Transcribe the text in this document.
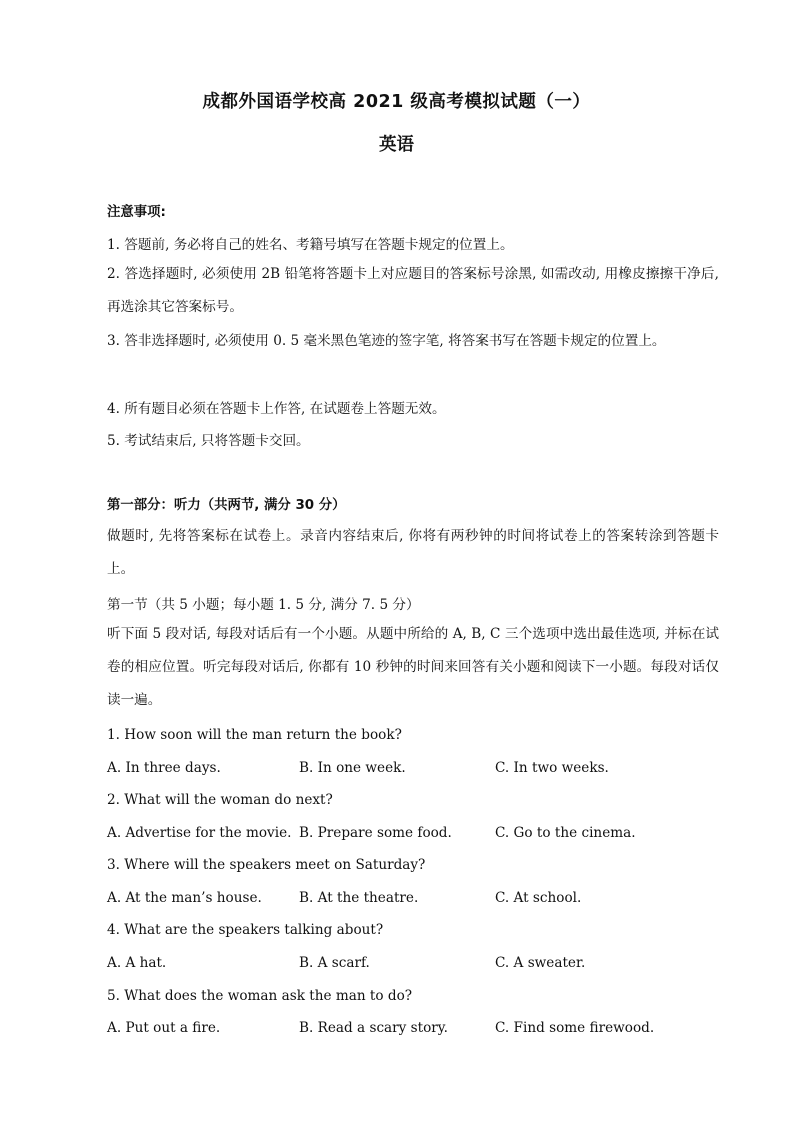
成都外国语学校高 2021 级高考模拟试题（一）
英语
注意事项:
1. 答题前, 务必将自己的姓名、考籍号填写在答题卡规定的位置上。
2. 答选择题时, 必须使用 2B 铅笔将答题卡上对应题目的答案标号涂黑, 如需改动, 用橡皮擦擦干净后, 再选涂其它答案标号。
3. 答非选择题时, 必须使用 0. 5 毫米黑色笔迹的签字笔, 将答案书写在答题卡规定的位置上。
4. 所有题目必须在答题卡上作答, 在试题卷上答题无效。
5. 考试结束后, 只将答题卡交回。
第一部分：听力（共两节, 满分 30 分）
做题时, 先将答案标在试卷上。录音内容结束后, 你将有两秒钟的时间将试卷上的答案转涂到答题卡上。
第一节（共 5 小题；每小题 1. 5 分, 满分 7. 5 分）
听下面 5 段对话, 每段对话后有一个小题。从题中所给的 A, B, C 三个选项中选出最佳选项, 并标在试卷的相应位置。听完每段对话后, 你都有 10 秒钟的时间来回答有关小题和阅读下一小题。每段对话仅读一遍。
1. How soon will the man return the book?
A. In three days.	B. In one week.	C. In two weeks.
2. What will the woman do next?
A. Advertise for the movie. B. Prepare some food.	C. Go to the cinema.
3. Where will the speakers meet on Saturday?
A. At the man’s house.	B. At the theatre.	C. At school.
4. What are the speakers talking about?
A. A hat.	B. A scarf.	C. A sweater.
5. What does the woman ask the man to do?
A. Put out a fire.	B. Read a scary story.	C. Find some firewood.
